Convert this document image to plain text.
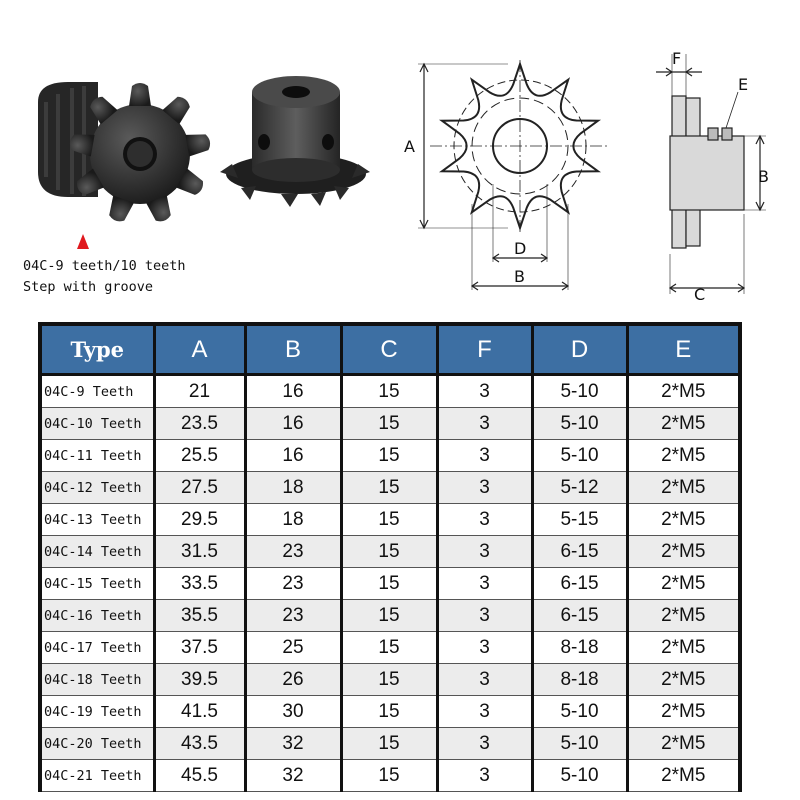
04C-9 teeth/10 teeth
Step with groove
A
D
B
F
E
B
C
Type	A	B	C	F	D	E
04C-9 Teeth	21	16	15	3	5-10	2*M5
04C-10 Teeth	23.5	16	15	3	5-10	2*M5
04C-11 Teeth	25.5	16	15	3	5-10	2*M5
04C-12 Teeth	27.5	18	15	3	5-12	2*M5
04C-13 Teeth	29.5	18	15	3	5-15	2*M5
04C-14 Teeth	31.5	23	15	3	6-15	2*M5
04C-15 Teeth	33.5	23	15	3	6-15	2*M5
04C-16 Teeth	35.5	23	15	3	6-15	2*M5
04C-17 Teeth	37.5	25	15	3	8-18	2*M5
04C-18 Teeth	39.5	26	15	3	8-18	2*M5
04C-19 Teeth	41.5	30	15	3	5-10	2*M5
04C-20 Teeth	43.5	32	15	3	5-10	2*M5
04C-21 Teeth	45.5	32	15	3	5-10	2*M5
